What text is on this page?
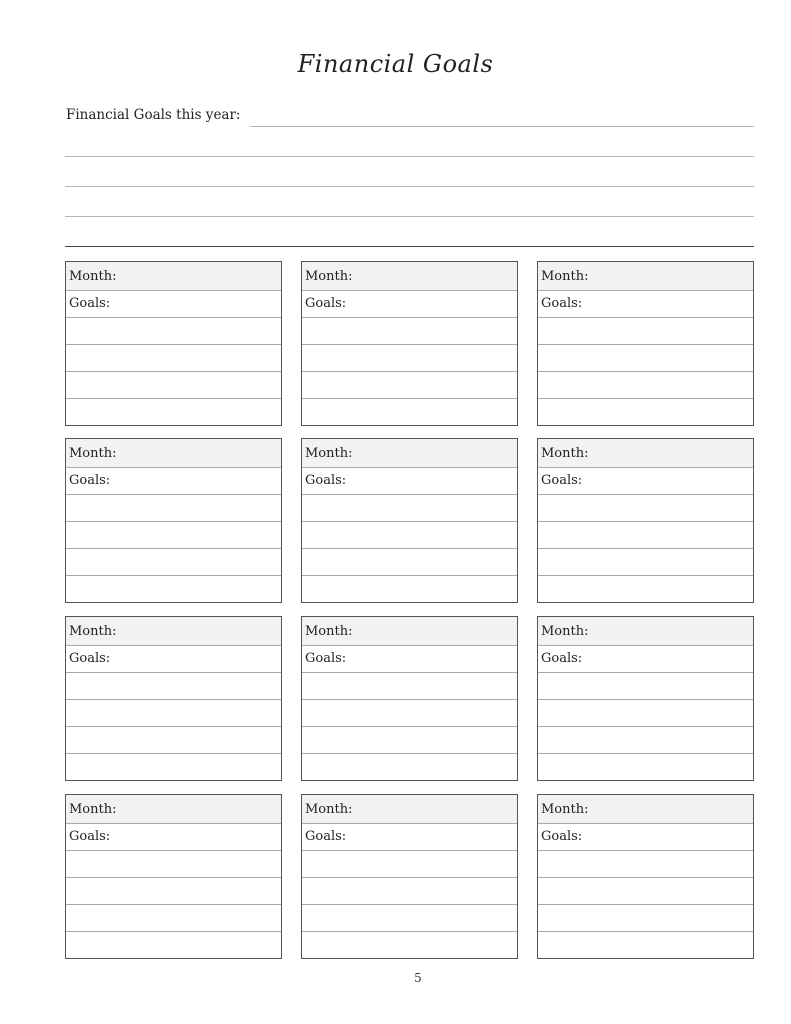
Financial Goals
Financial Goals this year:
Month:
Goals:
Month:
Goals:
Month:
Goals:
Month:
Goals:
Month:
Goals:
Month:
Goals:
Month:
Goals:
Month:
Goals:
Month:
Goals:
Month:
Goals:
Month:
Goals:
Month:
Goals:
5
